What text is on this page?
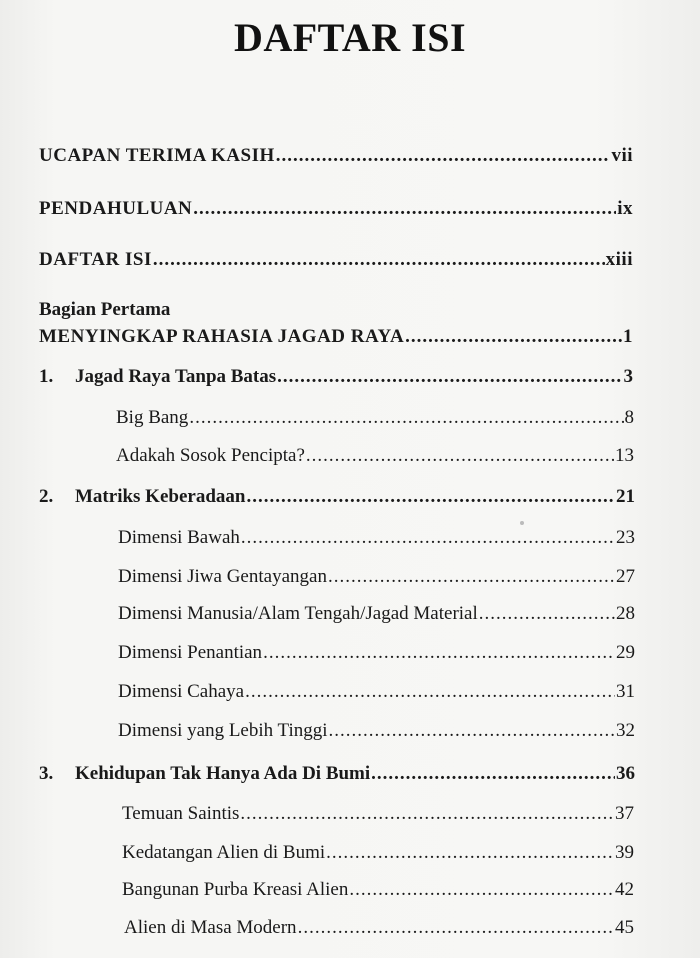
DAFTAR ISI
UCAPAN TERIMA KASIH .....	vii
PENDAHULUAN .....	ix
DAFTAR ISI .....	xiii

Bagian Pertama

MENYINGKAP RAHASIA JAGAD RAYA .....	1
1. Jagad Raya Tanpa Batas .....	3
Big Bang .....	8
Adakah Sosok Pencipta? .....	13
2. Matriks Keberadaan .....	21
Dimensi Bawah .....	23
Dimensi Jiwa Gentayangan .....	27
Dimensi Manusia/Alam Tengah/Jagad Material .....	28
Dimensi Penantian .....	29
Dimensi Cahaya .....	31
Dimensi yang Lebih Tinggi .....	32
3. Kehidupan Tak Hanya Ada Di Bumi .....	36
Temuan Saintis .....	37
Kedatangan Alien di Bumi .....	39
Bangunan Purba Kreasi Alien .....	42
Alien di Masa Modern .....	45
